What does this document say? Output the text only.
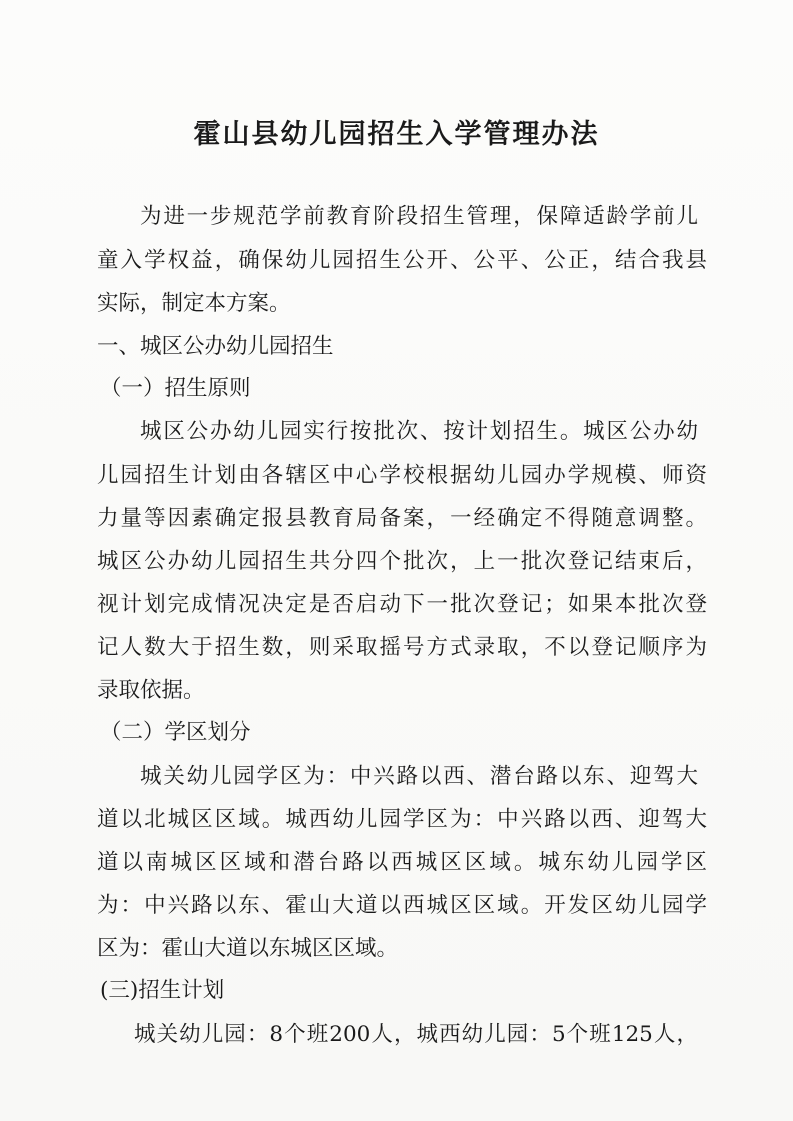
霍山县幼儿园招生入学管理办法
为进一步规范学前教育阶段招生管理，保障适龄学前儿
童入学权益，确保幼儿园招生公开、公平、公正，结合我县
实际，制定本方案。
一、城区公办幼儿园招生
（一）招生原则
城区公办幼儿园实行按批次、按计划招生。城区公办幼
儿园招生计划由各辖区中心学校根据幼儿园办学规模、师资
力量等因素确定报县教育局备案，一经确定不得随意调整。
城区公办幼儿园招生共分四个批次，上一批次登记结束后，
视计划完成情况决定是否启动下一批次登记；如果本批次登
记人数大于招生数，则采取摇号方式录取，不以登记顺序为
录取依据。
（二）学区划分
城关幼儿园学区为：中兴路以西、潜台路以东、迎驾大
道以北城区区域。城西幼儿园学区为：中兴路以西、迎驾大
道以南城区区域和潜台路以西城区区域。城东幼儿园学区
为：中兴路以东、霍山大道以西城区区域。开发区幼儿园学
区为：霍山大道以东城区区域。
(三)招生计划
城关幼儿园：8个班200人，城西幼儿园：5个班125人，
